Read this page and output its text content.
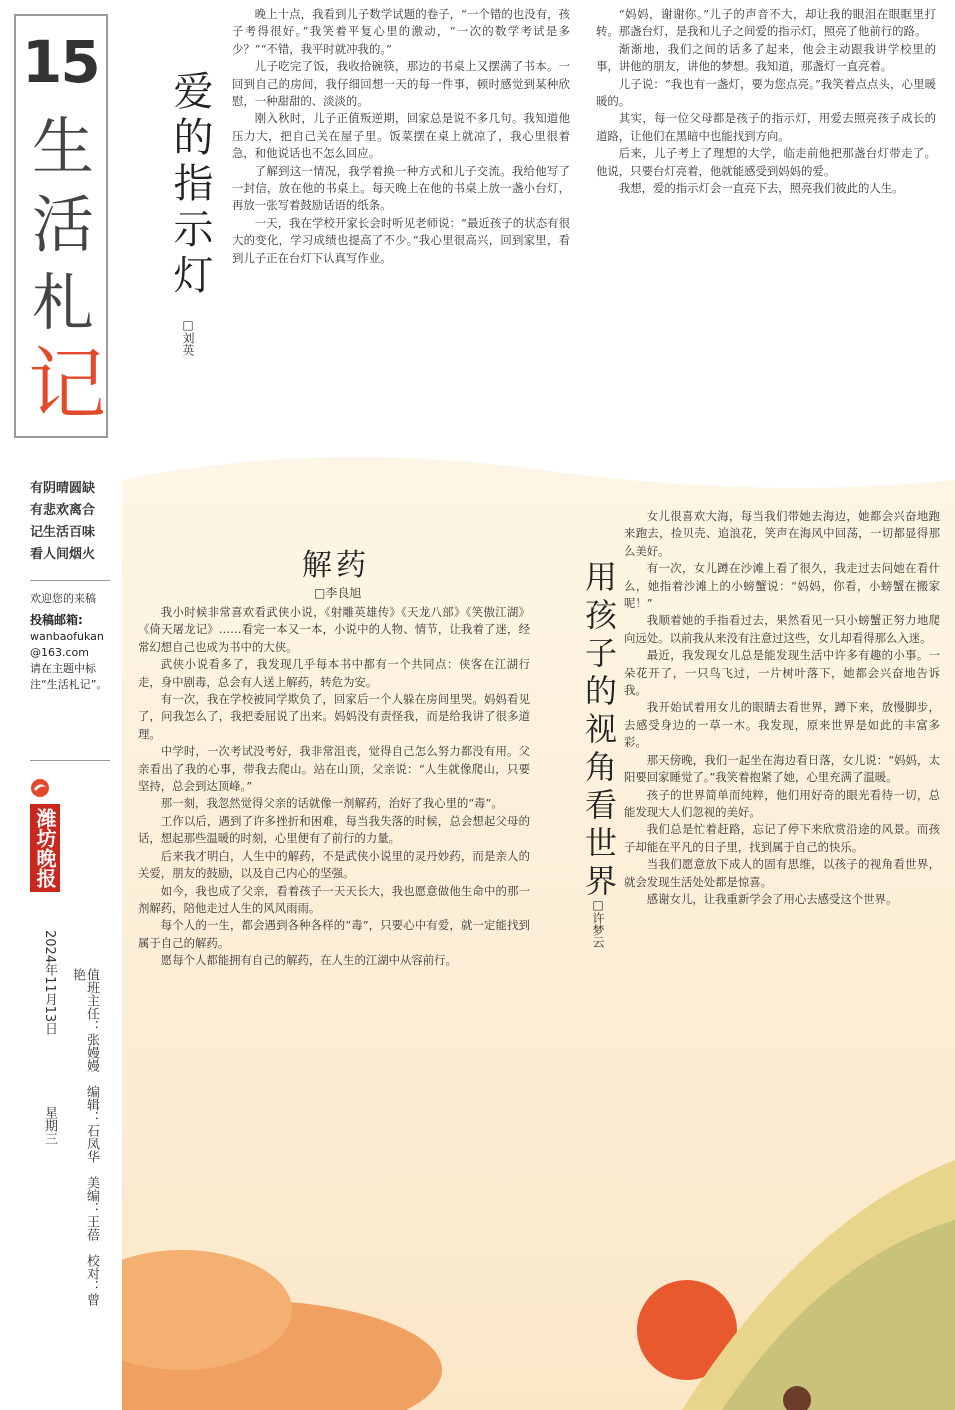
15
生
活
札
记
有阴晴圆缺
有悲欢离合
记生活百味
看人间烟火
欢迎您的来稿
投稿邮箱:
wanbaofukan
@163.com
请在主题中标注“生活札记”。
潍坊晚报
2024年11月13日
星期三	值班主任：张嫚嫚　编辑：石凤华　美编：王蓓　校对：曾艳
爱的指示灯
□刘英

晚上十点，我看到儿子数学试题的卷子，“一个错的也没有，孩子考得很好。”我笑着平复心里的激动，“一次的数学考试是多少？”“不错，我平时就冲我的。”

儿子吃完了饭，我收拾碗筷，那边的书桌上又摆满了书本。一回到自己的房间，我仔细回想一天的每一件事，顿时感觉到某种欣慰，一种甜甜的、淡淡的。

刚入秋时，儿子正值叛逆期，回家总是说不多几句。我知道他压力大，把自己关在屋子里。饭菜摆在桌上就凉了，我心里很着急，和他说话也不怎么回应。

了解到这一情况，我学着换一种方式和儿子交流。我给他写了一封信，放在他的书桌上。每天晚上在他的书桌上放一盏小台灯，再放一张写着鼓励话语的纸条。

一天，我在学校开家长会时听见老师说：“最近孩子的状态有很大的变化，学习成绩也提高了不少。”我心里很高兴，回到家里，看到儿子正在台灯下认真写作业。

“妈妈，谢谢你。”儿子的声音不大，却让我的眼泪在眼眶里打转。那盏台灯，是我和儿子之间爱的指示灯，照亮了他前行的路。

渐渐地，我们之间的话多了起来，他会主动跟我讲学校里的事，讲他的朋友，讲他的梦想。我知道，那盏灯一直亮着。

儿子说：“我也有一盏灯，要为您点亮。”我笑着点点头，心里暖暖的。

其实，每一位父母都是孩子的指示灯，用爱去照亮孩子成长的道路，让他们在黑暗中也能找到方向。

后来，儿子考上了理想的大学，临走前他把那盏台灯带走了。他说，只要台灯亮着，他就能感受到妈妈的爱。

我想，爱的指示灯会一直亮下去，照亮我们彼此的人生。

解药
□李良旭

我小时候非常喜欢看武侠小说，《射雕英雄传》《天龙八部》《笑傲江湖》《倚天屠龙记》……看完一本又一本，小说中的人物、情节，让我着了迷，经常幻想自己也成为书中的大侠。

武侠小说看多了，我发现几乎每本书中都有一个共同点：侠客在江湖行走，身中剧毒，总会有人送上解药，转危为安。

有一次，我在学校被同学欺负了，回家后一个人躲在房间里哭。妈妈看见了，问我怎么了，我把委屈说了出来。妈妈没有责怪我，而是给我讲了很多道理。

中学时，一次考试没考好，我非常沮丧，觉得自己怎么努力都没有用。父亲看出了我的心事，带我去爬山。站在山顶，父亲说：“人生就像爬山，只要坚持，总会到达顶峰。”

那一刻，我忽然觉得父亲的话就像一剂解药，治好了我心里的“毒”。

工作以后，遇到了许多挫折和困难，每当我失落的时候，总会想起父母的话，想起那些温暖的时刻，心里便有了前行的力量。

后来我才明白，人生中的解药，不是武侠小说里的灵丹妙药，而是亲人的关爱，朋友的鼓励，以及自己内心的坚强。

如今，我也成了父亲，看着孩子一天天长大，我也愿意做他生命中的那一剂解药，陪他走过人生的风风雨雨。

每个人的一生，都会遇到各种各样的“毒”，只要心中有爱，就一定能找到属于自己的解药。

愿每个人都能拥有自己的解药，在人生的江湖中从容前行。

用孩子的视角看世界
□许梦云

女儿很喜欢大海，每当我们带她去海边，她都会兴奋地跑来跑去，捡贝壳、追浪花，笑声在海风中回荡，一切都显得那么美好。

有一次，女儿蹲在沙滩上看了很久，我走过去问她在看什么，她指着沙滩上的小螃蟹说：“妈妈，你看，小螃蟹在搬家呢！”

我顺着她的手指看过去，果然看见一只小螃蟹正努力地爬向远处。以前我从来没有注意过这些，女儿却看得那么入迷。

最近，我发现女儿总是能发现生活中许多有趣的小事。一朵花开了，一只鸟飞过，一片树叶落下，她都会兴奋地告诉我。

我开始试着用女儿的眼睛去看世界，蹲下来，放慢脚步，去感受身边的一草一木。我发现，原来世界是如此的丰富多彩。

那天傍晚，我们一起坐在海边看日落，女儿说：“妈妈，太阳要回家睡觉了。”我笑着抱紧了她，心里充满了温暖。

孩子的世界简单而纯粹，他们用好奇的眼光看待一切，总能发现大人们忽视的美好。

我们总是忙着赶路，忘记了停下来欣赏沿途的风景。而孩子却能在平凡的日子里，找到属于自己的快乐。

当我们愿意放下成人的固有思维，以孩子的视角看世界，就会发现生活处处都是惊喜。

感谢女儿，让我重新学会了用心去感受这个世界。
